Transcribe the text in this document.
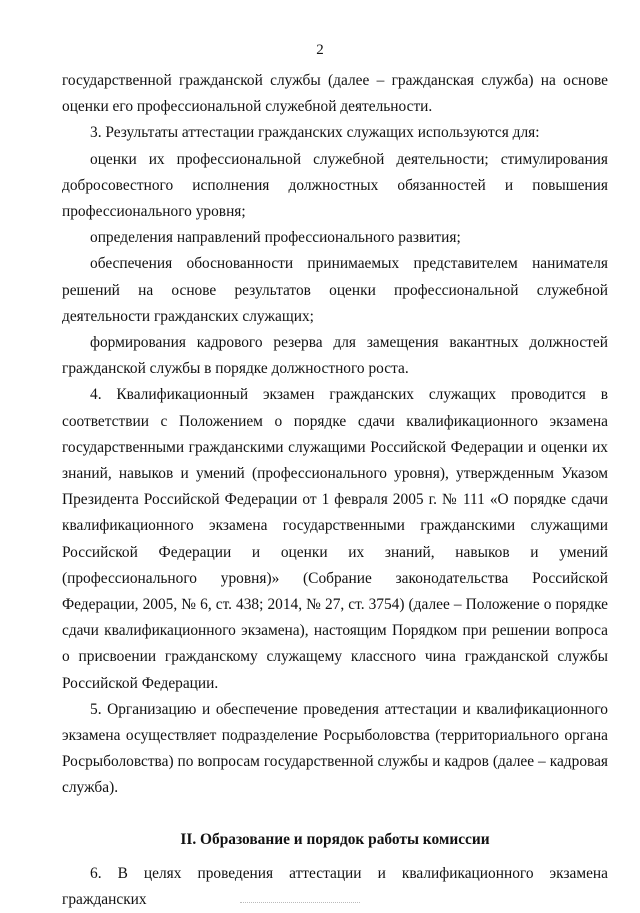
2

государственной гражданской службы (далее – гражданская служба) на основе оценки его профессиональной служебной деятельности.

3. Результаты аттестации гражданских служащих используются для:

оценки их профессиональной служебной деятельности; стимулирования добросовестного исполнения должностных обязанностей и повышения профессионального уровня;

определения направлений профессионального развития;

обеспечения обоснованности принимаемых представителем нанимателя решений на основе результатов оценки профессиональной служебной деятельности гражданских служащих;

формирования кадрового резерва для замещения вакантных должностей гражданской службы в порядке должностного роста.

4. Квалификационный экзамен гражданских служащих проводится в соответствии с Положением о порядке сдачи квалификационного экзамена государственными гражданскими служащими Российской Федерации и оценки их знаний, навыков и умений (профессионального уровня), утвержденным Указом Президента Российской Федерации от 1 февраля 2005 г. № 111 «О порядке сдачи квалификационного экзамена государственными гражданскими служащими Российской Федерации и оценки их знаний, навыков и умений (профессионального уровня)» (Собрание законодательства Российской Федерации, 2005, № 6, ст. 438; 2014, № 27, ст. 3754) (далее – Положение о порядке сдачи квалификационного экзамена), настоящим Порядком при решении вопроса о присвоении гражданскому служащему классного чина гражданской службы Российской Федерации.

5. Организацию и обеспечение проведения аттестации и квалификационного экзамена осуществляет подразделение Росрыболовства (территориального органа Росрыболовства) по вопросам государственной службы и кадров (далее – кадровая служба).

II. Образование и порядок работы комиссии

6. В целях проведения аттестации и квалификационного экзамена гражданских
